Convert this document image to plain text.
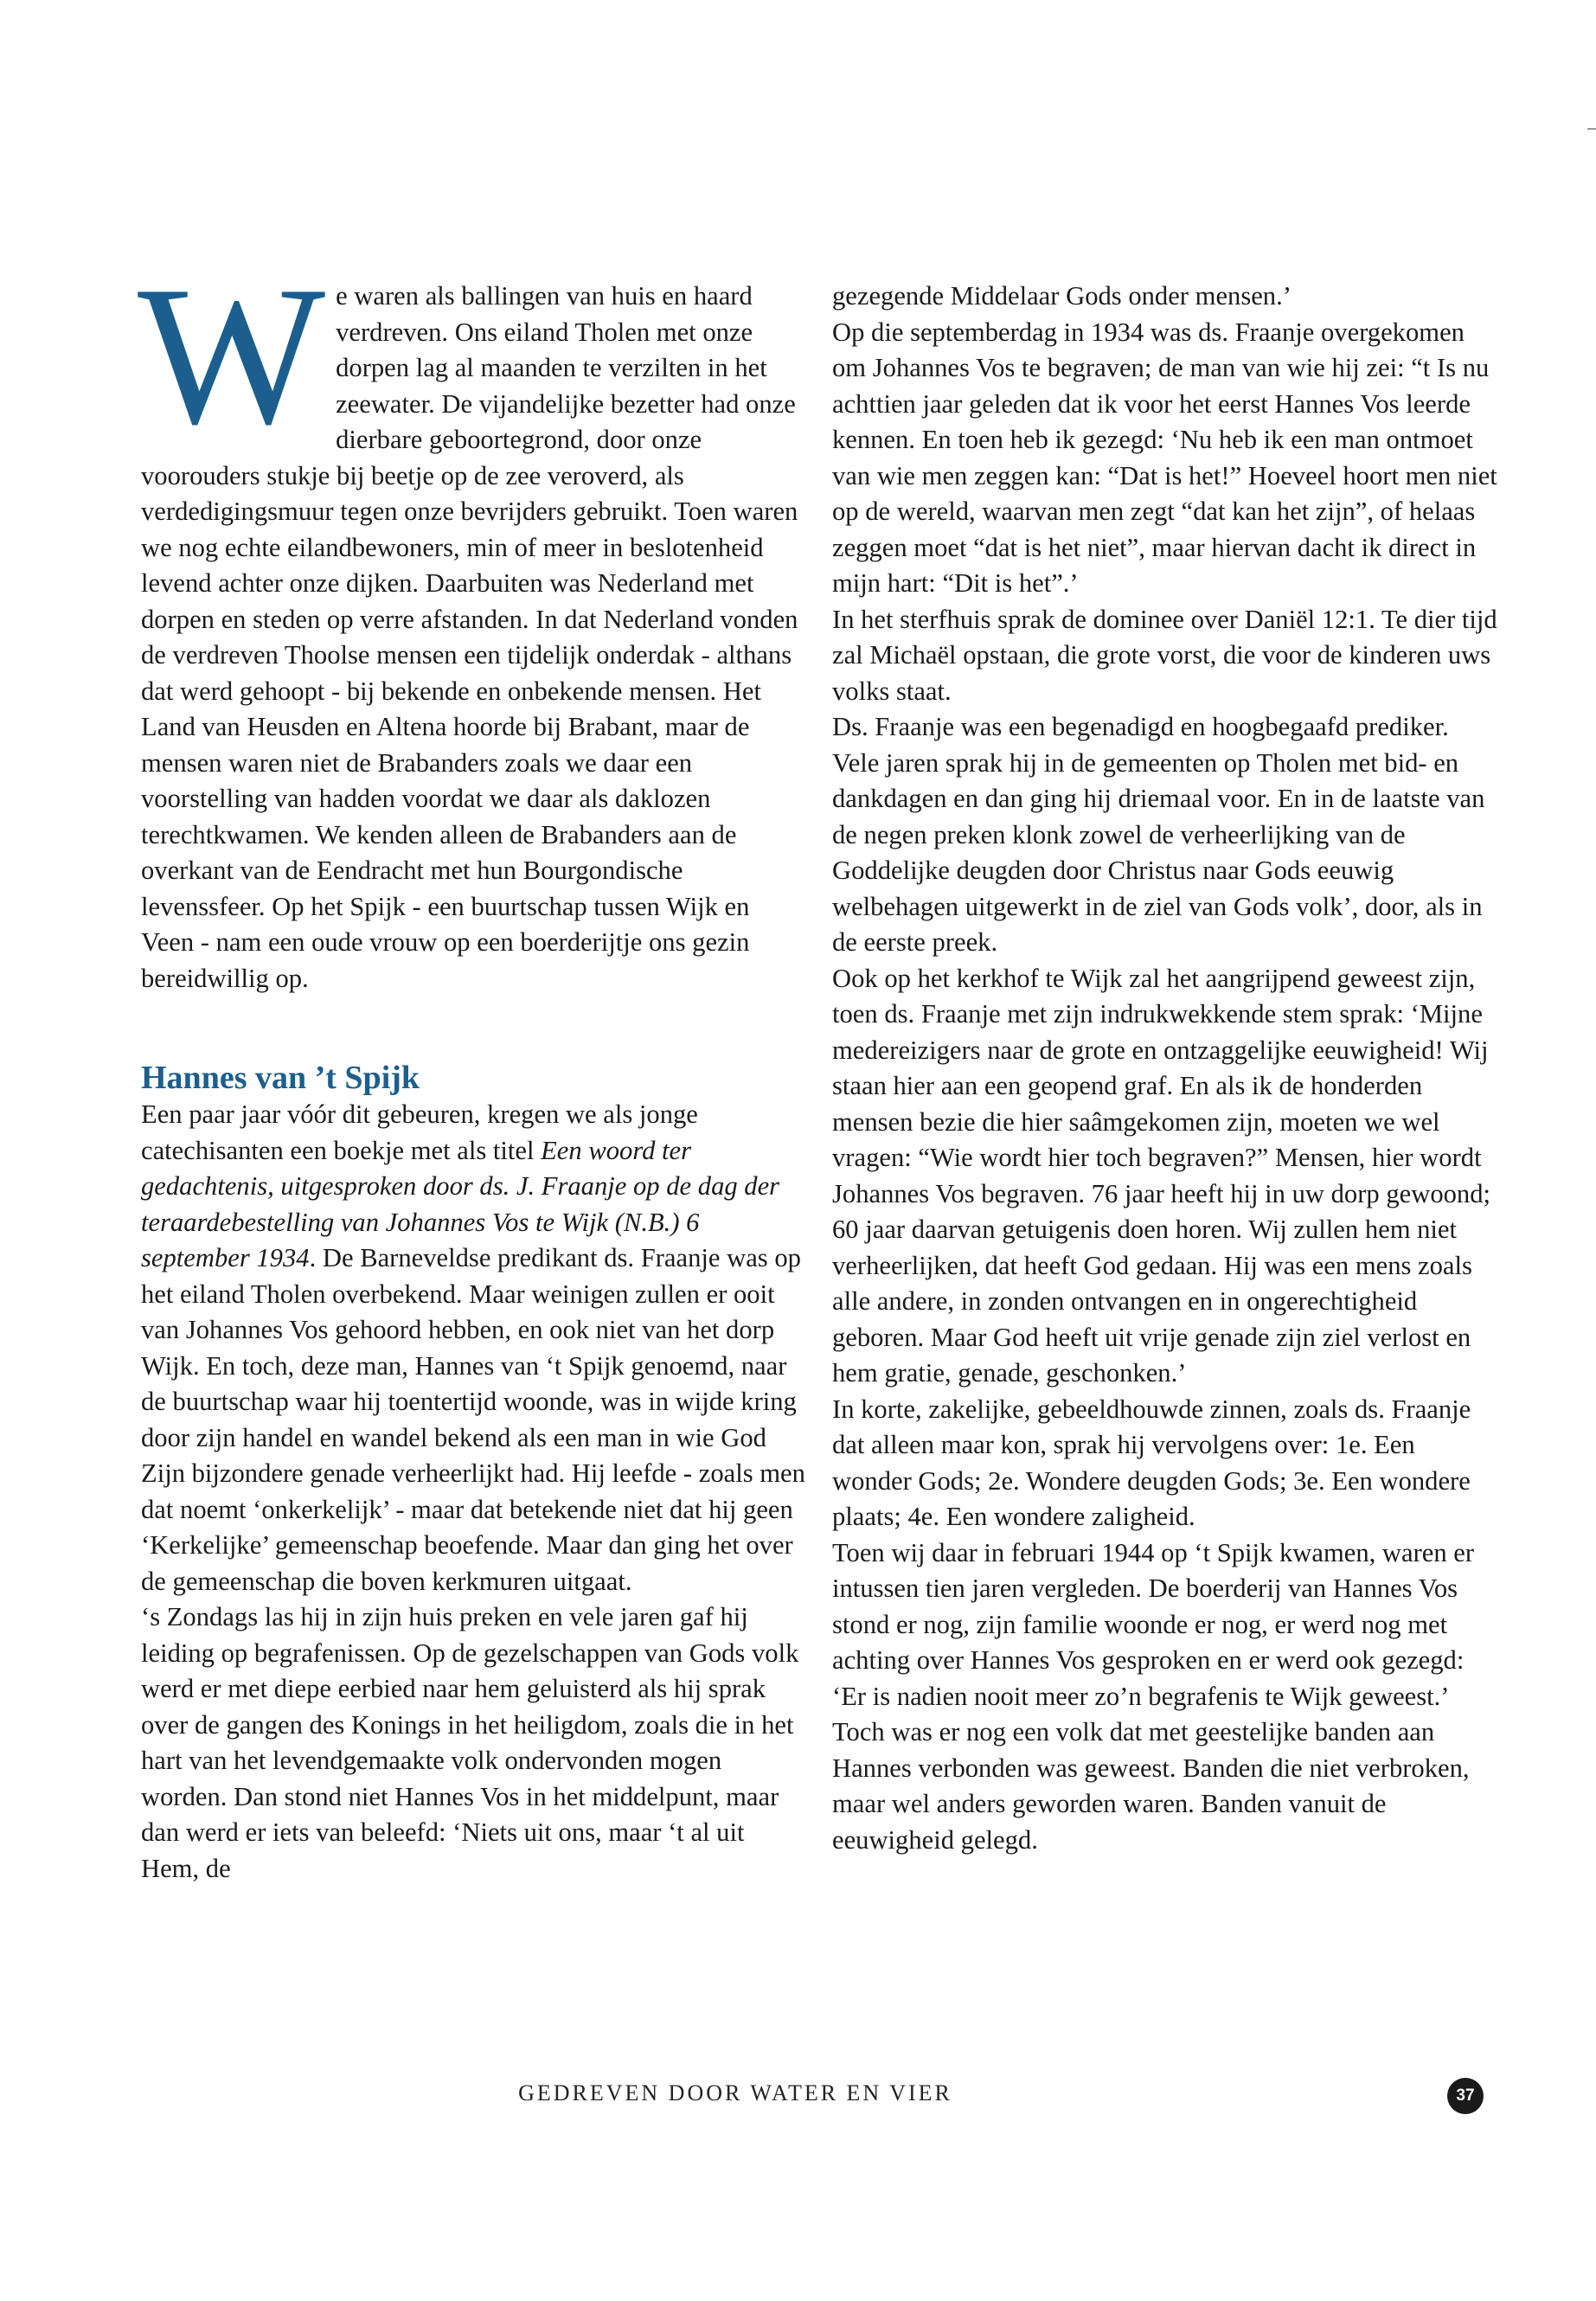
We waren als ballingen van huis en haard verdreven. Ons eiland Tholen met onze dorpen lag al maanden te verzilten in het zeewater. De vijandelijke bezetter had onze dierbare geboortegrond, door onze voorouders stukje bij beetje op de zee veroverd, als verdedigingsmuur tegen onze bevrijders gebruikt. Toen waren we nog echte eilandbewoners, min of meer in beslotenheid levend achter onze dijken. Daarbuiten was Nederland met dorpen en steden op verre afstanden. In dat Nederland vonden de verdreven Thoolse mensen een tijdelijk onderdak - althans dat werd gehoopt - bij bekende en onbekende mensen. Het Land van Heusden en Altena hoorde bij Brabant, maar de mensen waren niet de Brabanders zoals we daar een voorstelling van hadden voordat we daar als daklozen terechtkwamen. We kenden alleen de Brabanders aan de overkant van de Eendracht met hun Bourgondische levenssfeer. Op het Spijk - een buurtschap tussen Wijk en Veen - nam een oude vrouw op een boerderijtje ons gezin bereidwillig op.

Hannes van ’t Spijk

Een paar jaar vóór dit gebeuren, kregen we als jonge catechisanten een boekje met als titel Een woord ter gedachtenis, uitgesproken door ds. J. Fraanje op de dag der teraardebestelling van Johannes Vos te Wijk (N.B.) 6 september 1934. De Barneveldse predikant ds. Fraanje was op het eiland Tholen overbekend. Maar weinigen zullen er ooit van Johannes Vos gehoord hebben, en ook niet van het dorp Wijk. En toch, deze man, Hannes van ‘t Spijk genoemd, naar de buurtschap waar hij toentertijd woonde, was in wijde kring door zijn handel en wandel bekend als een man in wie God Zijn bijzondere genade verheerlijkt had. Hij leefde - zoals men dat noemt ‘onkerkelijk’ - maar dat betekende niet dat hij geen ‘Kerkelijke’ gemeenschap beoefende. Maar dan ging het over de gemeenschap die boven kerkmuren uitgaat.

‘s Zondags las hij in zijn huis preken en vele jaren gaf hij leiding op begrafenissen. Op de gezelschappen van Gods volk werd er met diepe eerbied naar hem geluisterd als hij sprak over de gangen des Konings in het heiligdom, zoals die in het hart van het levendgemaakte volk ondervonden mogen worden. Dan stond niet Hannes Vos in het middelpunt, maar dan werd er iets van beleefd: ‘Niets uit ons, maar ‘t al uit Hem, de

gezegende Middelaar Gods onder mensen.’

Op die septemberdag in 1934 was ds. Fraanje overgekomen om Johannes Vos te begraven; de man van wie hij zei: “t Is nu achttien jaar geleden dat ik voor het eerst Hannes Vos leerde kennen. En toen heb ik gezegd: ‘Nu heb ik een man ontmoet van wie men zeggen kan: “Dat is het!” Hoeveel hoort men niet op de wereld, waarvan men zegt “dat kan het zijn”, of helaas zeggen moet “dat is het niet”, maar hiervan dacht ik direct in mijn hart: “Dit is het”.’

In het sterfhuis sprak de dominee over Daniël 12:1. Te dier tijd zal Michaël opstaan, die grote vorst, die voor de kinderen uws volks staat.

Ds. Fraanje was een begenadigd en hoogbegaafd prediker. Vele jaren sprak hij in de gemeenten op Tholen met bid- en dankdagen en dan ging hij driemaal voor. En in de laatste van de negen preken klonk zowel de verheerlijking van de Goddelijke deugden door Christus naar Gods eeuwig welbehagen uitgewerkt in de ziel van Gods volk’, door, als in de eerste preek.

Ook op het kerkhof te Wijk zal het aangrijpend geweest zijn, toen ds. Fraanje met zijn indrukwekkende stem sprak: ‘Mijne medereizigers naar de grote en ontzaggelijke eeuwigheid! Wij staan hier aan een geopend graf. En als ik de honderden mensen bezie die hier saâmgekomen zijn, moeten we wel vragen: “Wie wordt hier toch begraven?” Mensen, hier wordt Johannes Vos begraven. 76 jaar heeft hij in uw dorp gewoond; 60 jaar daarvan getuigenis doen horen. Wij zullen hem niet verheerlijken, dat heeft God gedaan. Hij was een mens zoals alle andere, in zonden ontvangen en in ongerechtigheid geboren. Maar God heeft uit vrije genade zijn ziel verlost en hem gratie, genade, geschonken.’

In korte, zakelijke, gebeeldhouwde zinnen, zoals ds. Fraanje dat alleen maar kon, sprak hij vervolgens over: 1e. Een wonder Gods; 2e. Wondere deugden Gods; 3e. Een wondere plaats; 4e. Een wondere zaligheid.

Toen wij daar in februari 1944 op ‘t Spijk kwamen, waren er intussen tien jaren vergleden. De boerderij van Hannes Vos stond er nog, zijn familie woonde er nog, er werd nog met achting over Hannes Vos gesproken en er werd ook gezegd: ‘Er is nadien nooit meer zo’n begrafenis te Wijk geweest.’ Toch was er nog een volk dat met geestelijke banden aan Hannes verbonden was geweest. Banden die niet verbroken, maar wel anders geworden waren. Banden vanuit de eeuwigheid gelegd.

GEDREVEN DOOR WATER EN VIER	37
